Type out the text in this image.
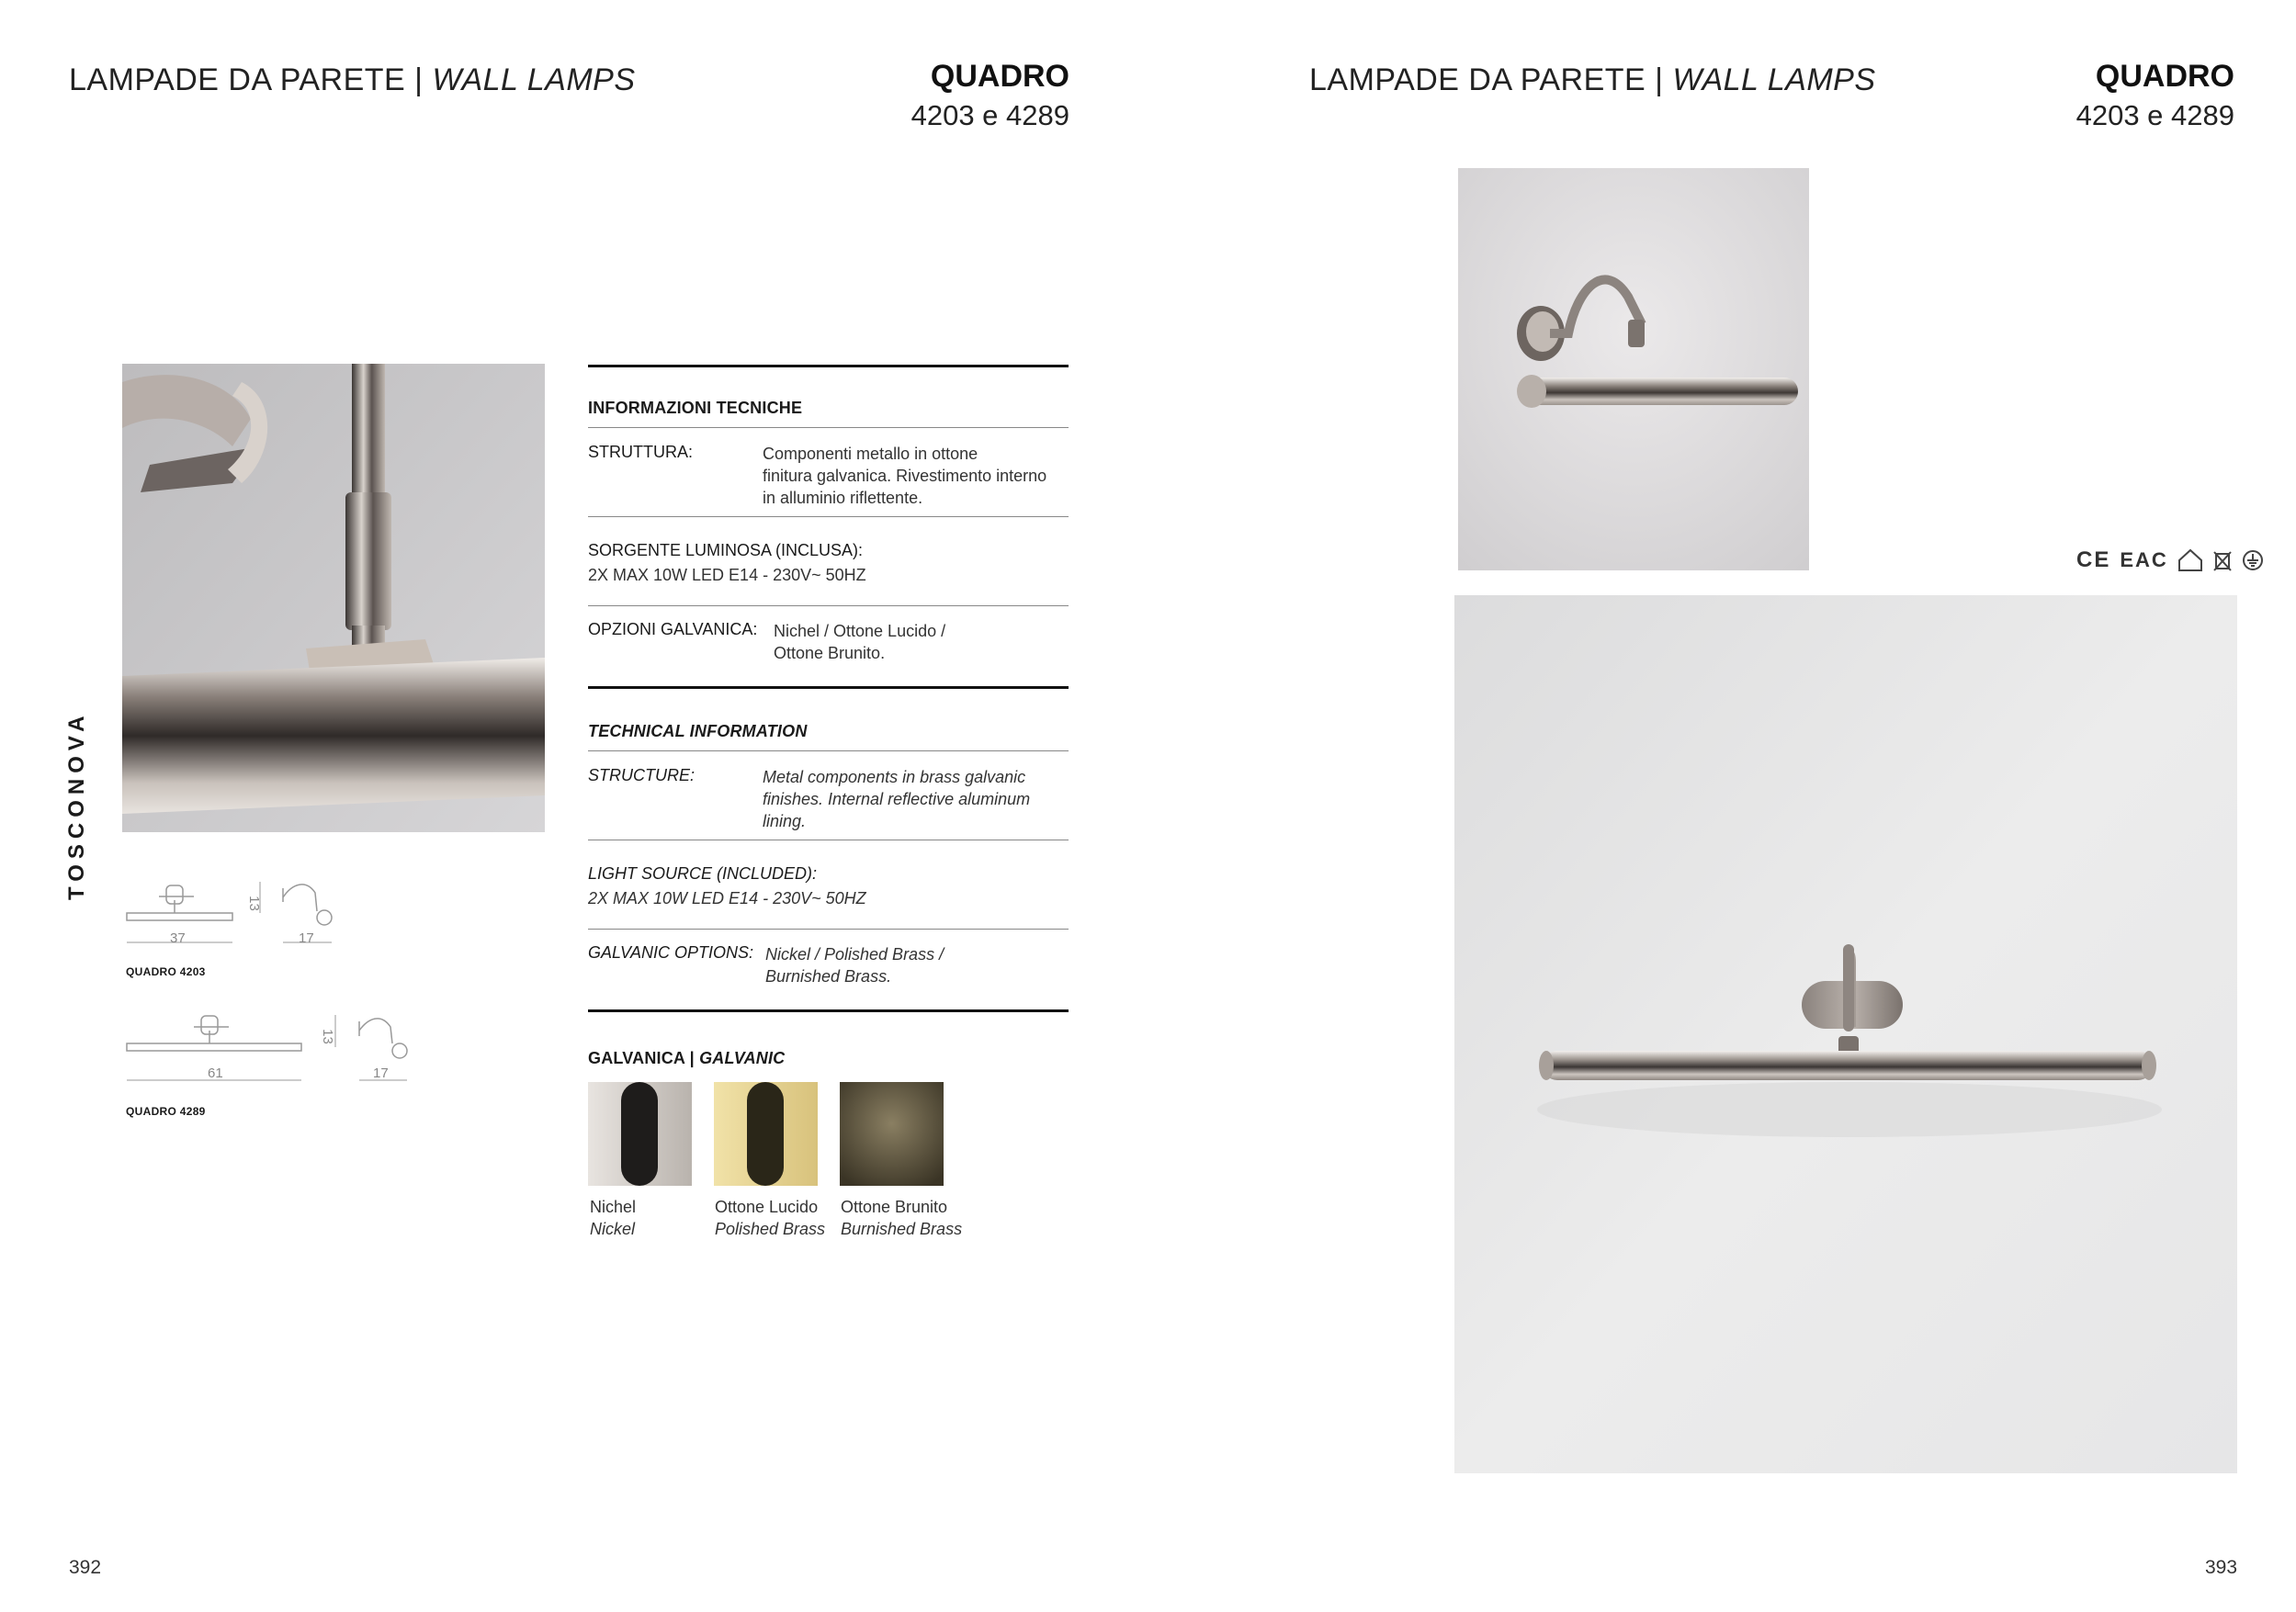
LAMPADE DA PARETE | WALL LAMPS	QUADRO
4203 e 4289
37
13
17
QUADRO 4203
61
13
17
QUADRO 4289
TOSCONOVA
INFORMAZIONI TECNICHE
STRUTTURA:	Componenti metallo in ottone
finitura galvanica. Rivestimento interno
in alluminio riflettente.
SORGENTE LUMINOSA (INCLUSA):
2X MAX 10W LED E14 - 230V~ 50HZ
OPZIONI GALVANICA: Nichel / Ottone Lucido /
Ottone Brunito.
TECHNICAL INFORMATION
STRUCTURE:	Metal components in brass galvanic
finishes. Internal reflective aluminum
lining.
LIGHT SOURCE (INCLUDED):
2X MAX 10W LED E14 - 230V~ 50HZ
GALVANIC OPTIONS: Nickel / Polished Brass /
Burnished Brass.
GALVANICA | GALVANIC
Nichel
Nickel
Ottone Lucido
Polished Brass
Ottone Brunito
Burnished Brass
392
LAMPADE DA PARETE | WALL LAMPS	QUADRO
4203 e 4289
CE EAC
393
